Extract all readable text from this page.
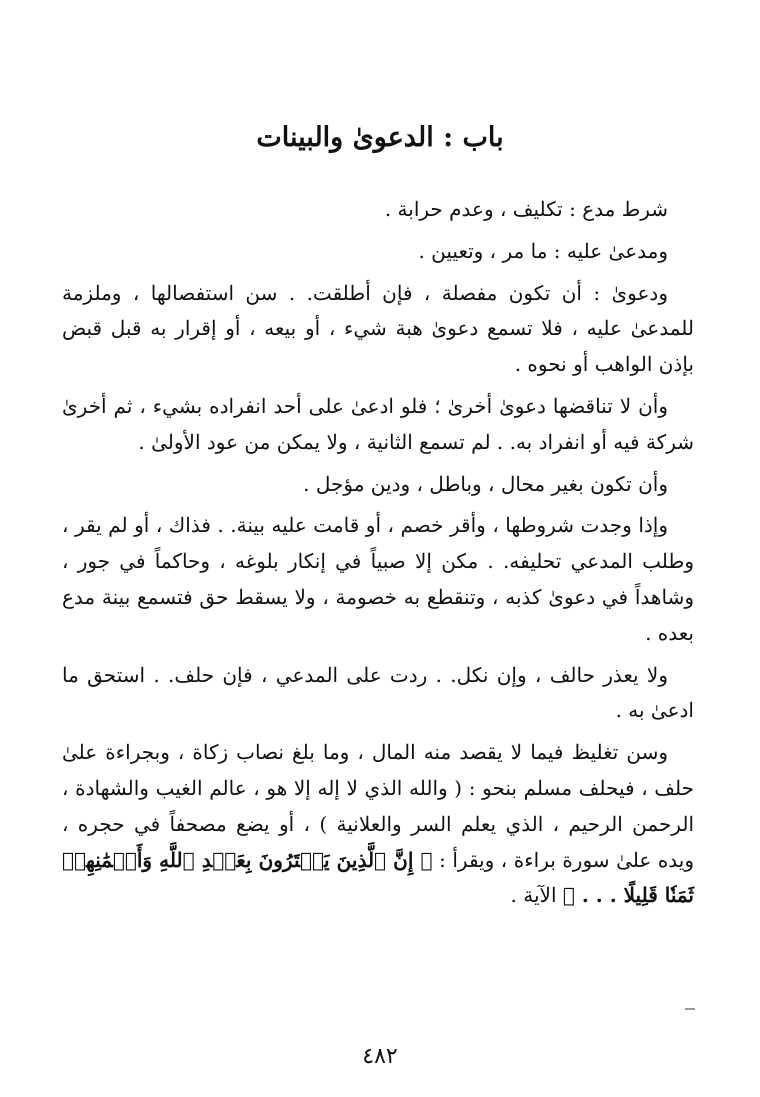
باب : الدعوىٰ والبينات

شرط مدع : تكليف ، وعدم حرابة .

ومدعىٰ عليه : ما مر ، وتعيين .

ودعوىٰ : أن تكون مفصلة ، فإن أطلقت. . سن استفصالها ، وملزمة للمدعىٰ عليه ، فلا تسمع دعوىٰ هبة شيء ، أو بيعه ، أو إقرار به قبل قبض بإذن الواهب أو نحوه .

وأن لا تناقضها دعوىٰ أخرىٰ ؛ فلو ادعىٰ على أحد انفراده بشيء ، ثم أخرىٰ شركة فيه أو انفراد به. . لم تسمع الثانية ، ولا يمكن من عود الأولىٰ .

وأن تكون بغير محال ، وباطل ، ودين مؤجل .

وإذا وجدت شروطها ، وأقر خصم ، أو قامت عليه بينة. . فذاك ، أو لم يقر ، وطلب المدعي تحليفه. . مكن إلا صبياً في إنكار بلوغه ، وحاكماً في جور ، وشاهداً في دعوىٰ كذبه ، وتنقطع به خصومة ، ولا يسقط حق فتسمع بينة مدع بعده .

ولا يعذر حالف ، وإن نكل. . ردت على المدعي ، فإن حلف. . استحق ما ادعىٰ به .

وسن تغليظ فيما لا يقصد منه المال ، وما بلغ نصاب زكاة ، وبجراءة علىٰ حلف ، فيحلف مسلم بنحو : ( والله الذي لا إله إلا هو ، عالم الغيب والشهادة ، الرحمن الرحيم ، الذي يعلم السر والعلانية ) ، أو يضع مصحفاً في حجره ، ويده علىٰ سورة براءة ، ويقرأ : ﴿ إِنَّ ٱلَّذِينَ يَشۡتَرُونَ بِعَهۡدِ ٱللَّهِ وَأَيۡمَٰنِهِمۡ ثَمَنٗا قَلِيلًا . . . ﴾ الآية .

٤٨٢
